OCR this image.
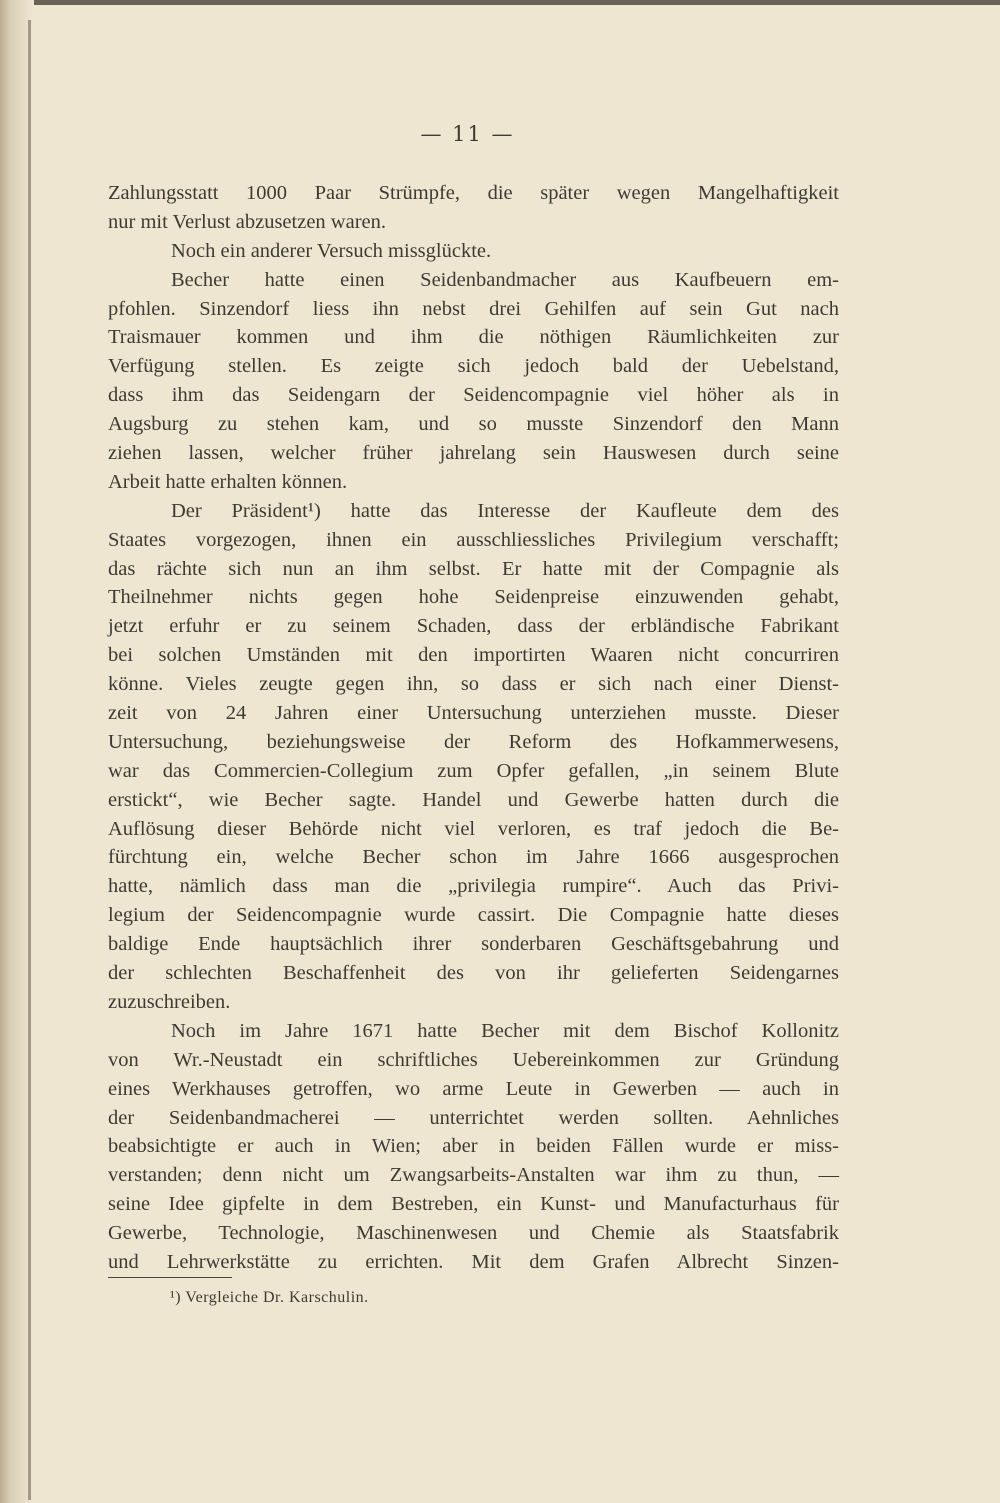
— 11 —
Zahlungsstatt 1000 Paar Strümpfe, die später wegen Mangelhaftigkeit
nur mit Verlust abzusetzen waren.
Noch ein anderer Versuch missglückte.
Becher hatte einen Seidenbandmacher aus Kaufbeuern em-
pfohlen. Sinzendorf liess ihn nebst drei Gehilfen auf sein Gut nach
Traismauer kommen und ihm die nöthigen Räumlichkeiten zur
Verfügung stellen. Es zeigte sich jedoch bald der Uebelstand,
dass ihm das Seidengarn der Seidencompagnie viel höher als in
Augsburg zu stehen kam, und so musste Sinzendorf den Mann
ziehen lassen, welcher früher jahrelang sein Hauswesen durch seine
Arbeit hatte erhalten können.
Der Präsident¹) hatte das Interesse der Kaufleute dem des
Staates vorgezogen, ihnen ein ausschliessliches Privilegium verschafft;
das rächte sich nun an ihm selbst. Er hatte mit der Compagnie als
Theilnehmer nichts gegen hohe Seidenpreise einzuwenden gehabt,
jetzt erfuhr er zu seinem Schaden, dass der erbländische Fabrikant
bei solchen Umständen mit den importirten Waaren nicht concurriren
könne. Vieles zeugte gegen ihn, so dass er sich nach einer Dienst-
zeit von 24 Jahren einer Untersuchung unterziehen musste. Dieser
Untersuchung, beziehungsweise der Reform des Hofkammerwesens,
war das Commercien-Collegium zum Opfer gefallen, „in seinem Blute
erstickt“, wie Becher sagte. Handel und Gewerbe hatten durch die
Auflösung dieser Behörde nicht viel verloren, es traf jedoch die Be-
fürchtung ein, welche Becher schon im Jahre 1666 ausgesprochen
hatte, nämlich dass man die „privilegia rumpire“. Auch das Privi-
legium der Seidencompagnie wurde cassirt. Die Compagnie hatte dieses
baldige Ende hauptsächlich ihrer sonderbaren Geschäftsgebahrung und
der schlechten Beschaffenheit des von ihr gelieferten Seidengarnes
zuzuschreiben.
Noch im Jahre 1671 hatte Becher mit dem Bischof Kollonitz
von Wr.-Neustadt ein schriftliches Uebereinkommen zur Gründung
eines Werkhauses getroffen, wo arme Leute in Gewerben — auch in
der Seidenbandmacherei — unterrichtet werden sollten. Aehnliches
beabsichtigte er auch in Wien; aber in beiden Fällen wurde er miss-
verstanden; denn nicht um Zwangsarbeits-Anstalten war ihm zu thun, —
seine Idee gipfelte in dem Bestreben, ein Kunst- und Manufacturhaus für
Gewerbe, Technologie, Maschinenwesen und Chemie als Staatsfabrik
und Lehrwerkstätte zu errichten. Mit dem Grafen Albrecht Sinzen-
¹) Vergleiche Dr. Karschulin.
